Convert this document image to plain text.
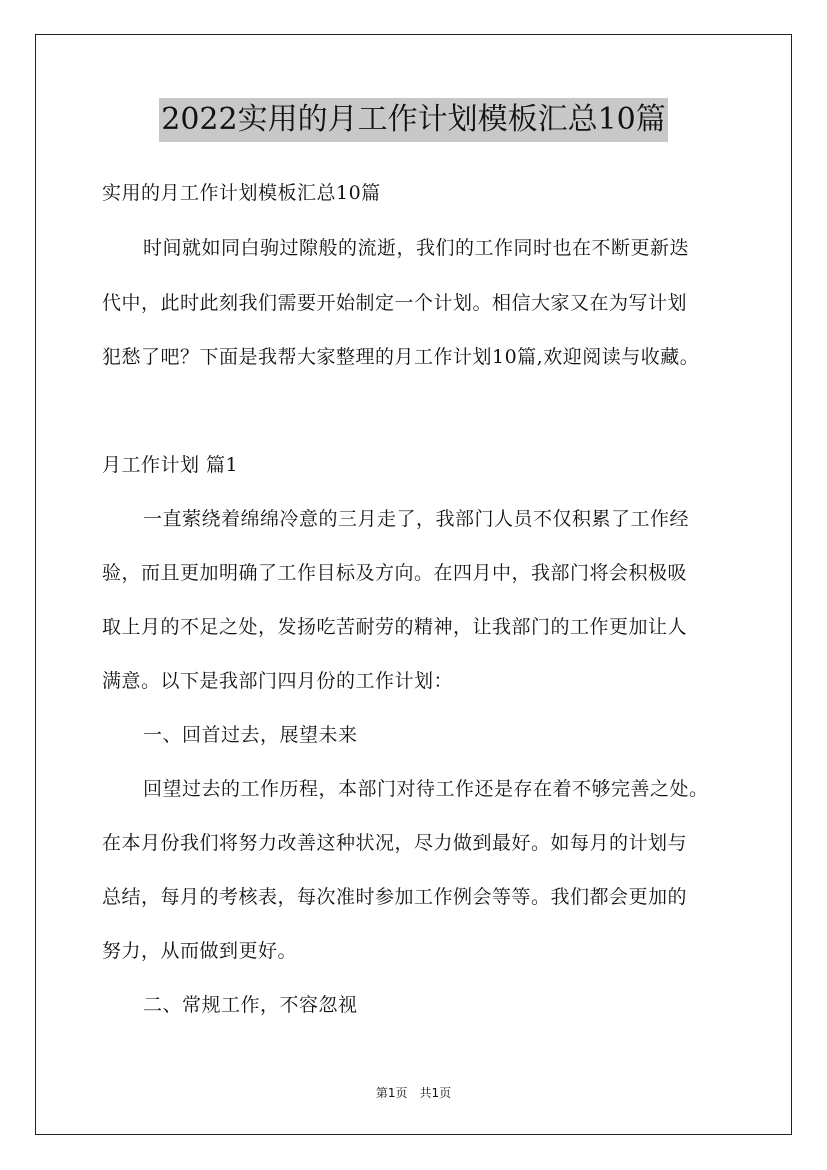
2022实用的月工作计划模板汇总10篇
实用的月工作计划模板汇总10篇
时间就如同白驹过隙般的流逝，我们的工作同时也在不断更新迭
代中，此时此刻我们需要开始制定一个计划。相信大家又在为写计划
犯愁了吧？下面是我帮大家整理的月工作计划10篇,欢迎阅读与收藏。
月工作计划 篇1
一直萦绕着绵绵冷意的三月走了，我部门人员不仅积累了工作经
验，而且更加明确了工作目标及方向。在四月中，我部门将会积极吸
取上月的不足之处，发扬吃苦耐劳的精神，让我部门的工作更加让人
满意。以下是我部门四月份的工作计划：
一、回首过去，展望未来
回望过去的工作历程，本部门对待工作还是存在着不够完善之处。
在本月份我们将努力改善这种状况，尽力做到最好。如每月的计划与
总结，每月的考核表，每次准时参加工作例会等等。我们都会更加的
努力，从而做到更好。
二、常规工作，不容忽视
第1页 共1页
